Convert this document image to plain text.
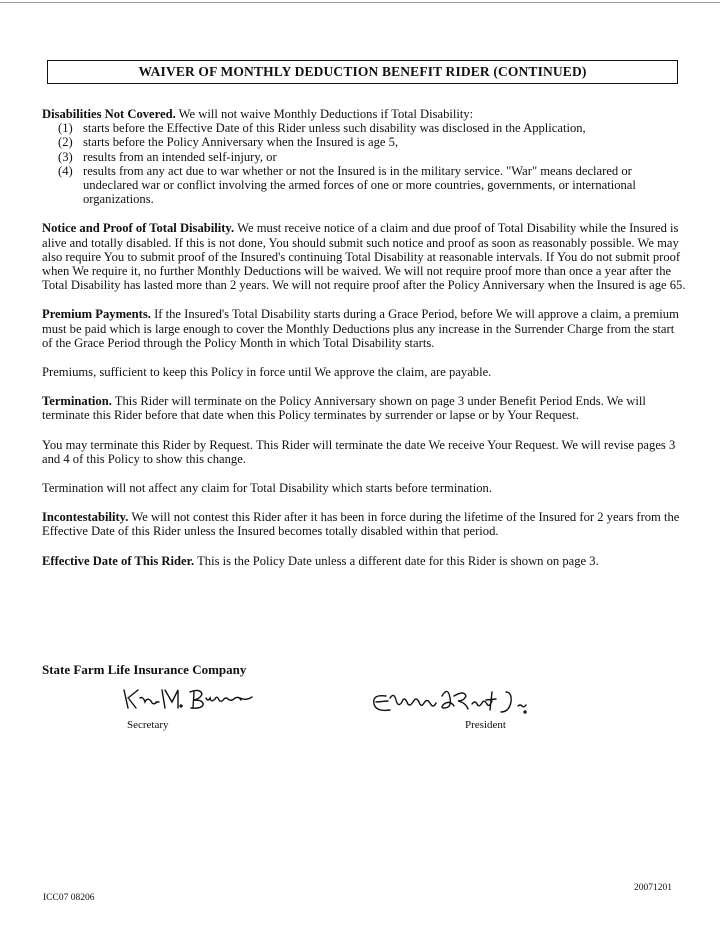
WAIVER OF MONTHLY DEDUCTION BENEFIT RIDER (CONTINUED)

Disabilities Not Covered. We will not waive Monthly Deductions if Total Disability:

(1) starts before the Effective Date of this Rider unless such disability was disclosed in the Application,
(2) starts before the Policy Anniversary when the Insured is age 5,
(3) results from an intended self-injury, or
(4) results from any act due to war whether or not the Insured is in the military service. "War" means declared or undeclared war or conflict involving the armed forces of one or more countries, governments, or international organizations.

Notice and Proof of Total Disability. We must receive notice of a claim and due proof of Total Disability while the Insured is alive and totally disabled. If this is not done, You should submit such notice and proof as soon as reasonably possible. We may also require You to submit proof of the Insured's continuing Total Disability at reasonable intervals. If You do not submit proof when We require it, no further Monthly Deductions will be waived. We will not require proof more than once a year after the Total Disability has lasted more than 2 years. We will not require proof after the Policy Anniversary when the Insured is age 65.

Premium Payments. If the Insured's Total Disability starts during a Grace Period, before We will approve a claim, a premium must be paid which is large enough to cover the Monthly Deductions plus any increase in the Surrender Charge from the start of the Grace Period through the Policy Month in which Total Disability starts.

Premiums, sufficient to keep this Policy in force until We approve the claim, are payable.

Termination. This Rider will terminate on the Policy Anniversary shown on page 3 under Benefit Period Ends. We will terminate this Rider before that date when this Policy terminates by surrender or lapse or by Your Request.

You may terminate this Rider by Request. This Rider will terminate the date We receive Your Request. We will revise pages 3 and 4 of this Policy to show this change.

Termination will not affect any claim for Total Disability which starts before termination.

Incontestability. We will not contest this Rider after it has been in force during the lifetime of the Insured for 2 years from the Effective Date of this Rider unless the Insured becomes totally disabled within that period.

Effective Date of This Rider. This is the Policy Date unless a different date for this Rider is shown on page 3.

State Farm Life Insurance Company
Secretary	President
ICC07 08206
20071201
